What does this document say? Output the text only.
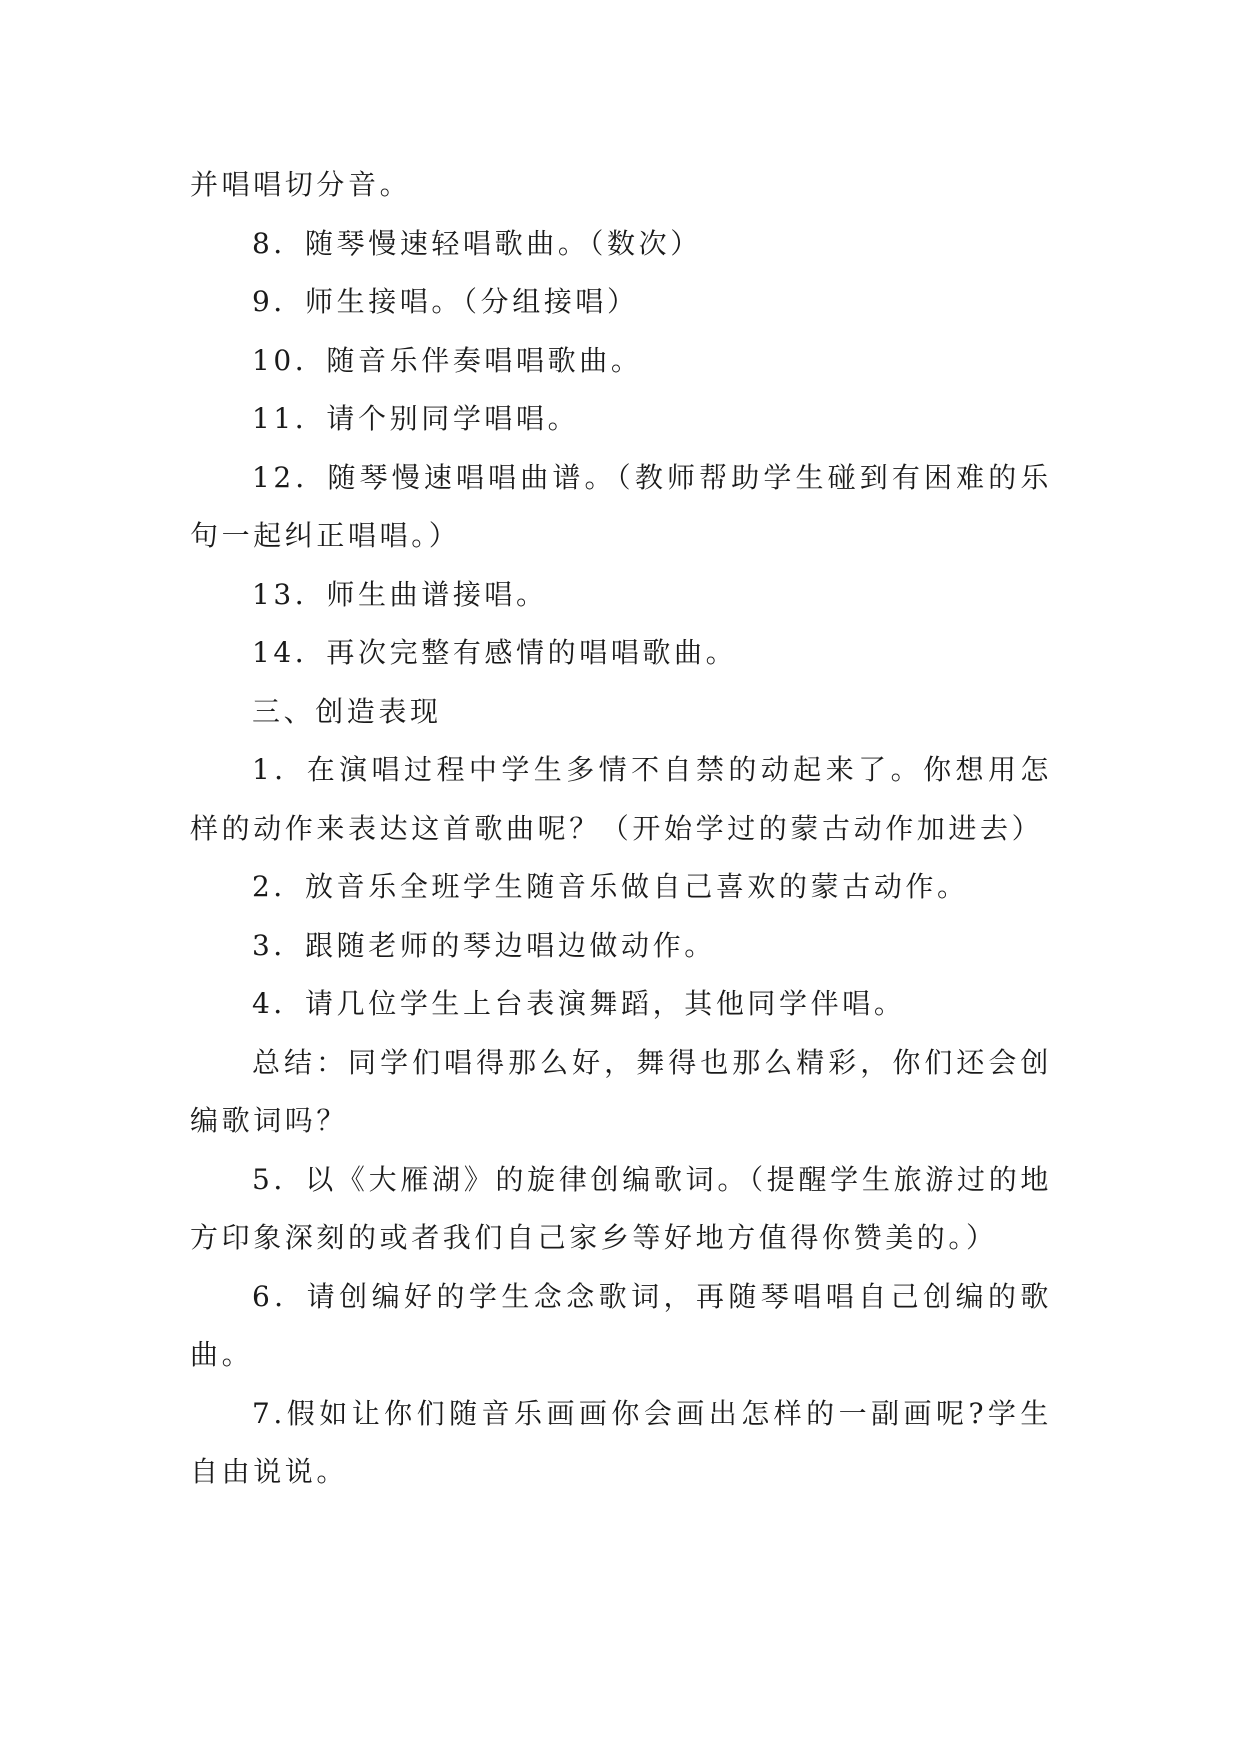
并唱唱切分音。

8．随琴慢速轻唱歌曲。（数次）

9．师生接唱。（分组接唱）

10．随音乐伴奏唱唱歌曲。

11．请个别同学唱唱。

12．随琴慢速唱唱曲谱。（教师帮助学生碰到有困难的乐句一起纠正唱唱。）

13．师生曲谱接唱。

14．再次完整有感情的唱唱歌曲。

三、创造表现

1．在演唱过程中学生多情不自禁的动起来了。你想用怎样的动作来表达这首歌曲呢？（开始学过的蒙古动作加进去）

2．放音乐全班学生随音乐做自己喜欢的蒙古动作。

3．跟随老师的琴边唱边做动作。

4．请几位学生上台表演舞蹈，其他同学伴唱。

总结：同学们唱得那么好，舞得也那么精彩，你们还会创编歌词吗？

5．以《大雁湖》的旋律创编歌词。（提醒学生旅游过的地方印象深刻的或者我们自己家乡等好地方值得你赞美的。）

6．请创编好的学生念念歌词，再随琴唱唱自己创编的歌曲。

7.假如让你们随音乐画画你会画出怎样的一副画呢?学生自由说说。
